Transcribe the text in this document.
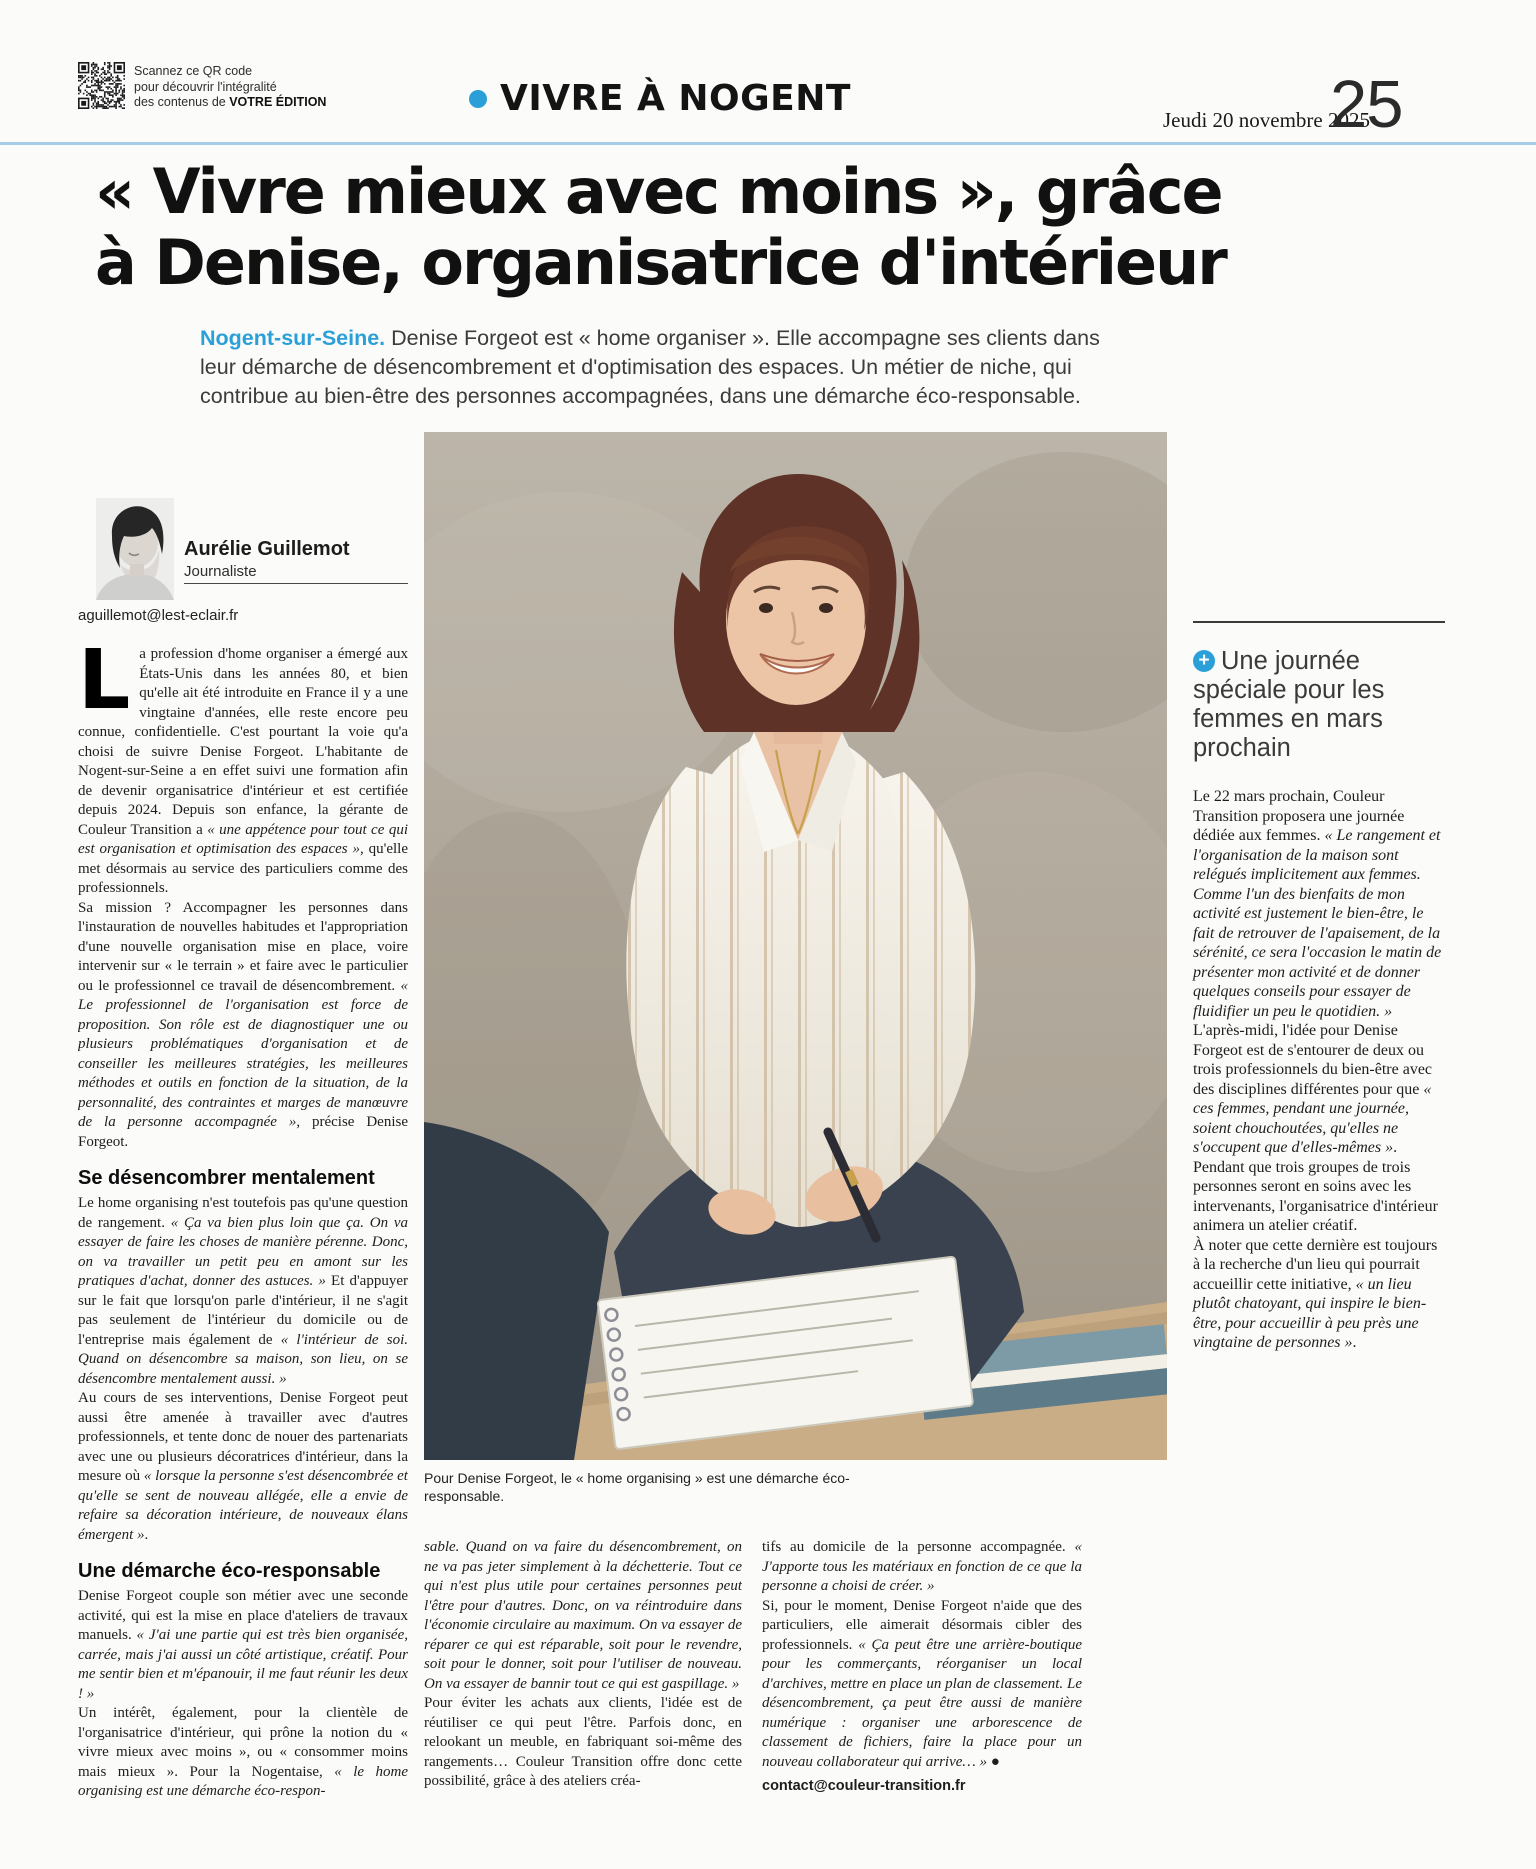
Scannez ce QR code
pour découvrir l'intégralité
des contenus de VOTRE ÉDITION	VIVRE À NOGENT
Jeudi 20 novembre 2025
25
« Vivre mieux avec moins », grâce
à Denise, organisatrice d'intérieur

Nogent-sur-Seine. Denise Forgeot est « home organiser ». Elle accompagne ses clients dans leur démarche de désencombrement et d'optimisation des espaces. Un métier de niche, qui contribue au bien-être des personnes accompagnées, dans une démarche éco-responsable.

Aurélie Guillemot
Journaliste
aguillemot@lest-eclair.fr
Pour Denise Forgeot, le « home organising » est une démarche éco-responsable.

La profession d'home organiser a émergé aux États-Unis dans les années 80, et bien qu'elle ait été introduite en France il y a une vingtaine d'années, elle reste encore peu connue, confidentielle. C'est pourtant la voie qu'a choisi de suivre Denise Forgeot. L'habitante de Nogent-sur-Seine a en effet suivi une formation afin de devenir organisatrice d'intérieur et est certifiée depuis 2024. Depuis son enfance, la gérante de Couleur Transition a « une appétence pour tout ce qui est organisation et optimisation des espaces », qu'elle met désormais au service des particuliers comme des professionnels.

Sa mission ? Accompagner les personnes dans l'instauration de nouvelles habitudes et l'appropriation d'une nouvelle organisation mise en place, voire intervenir sur « le terrain » et faire avec le particulier ou le professionnel ce travail de désencombrement. « Le professionnel de l'organisation est force de proposition. Son rôle est de diagnostiquer une ou plusieurs problématiques d'organisation et de conseiller les meilleures stratégies, les meilleures méthodes et outils en fonction de la situation, de la personnalité, des contraintes et marges de manœuvre de la personne accompagnée », précise Denise Forgeot.

Se désencombrer mentalement

Le home organising n'est toutefois pas qu'une question de rangement. « Ça va bien plus loin que ça. On va essayer de faire les choses de manière pérenne. Donc, on va travailler un petit peu en amont sur les pratiques d'achat, donner des astuces. » Et d'appuyer sur le fait que lorsqu'on parle d'intérieur, il ne s'agit pas seulement de l'intérieur du domicile ou de l'entreprise mais également de « l'intérieur de soi. Quand on désencombre sa maison, son lieu, on se désencombre mentalement aussi. »

Au cours de ses interventions, Denise Forgeot peut aussi être amenée à travailler avec d'autres professionnels, et tente donc de nouer des partenariats avec une ou plusieurs décoratrices d'intérieur, dans la mesure où « lorsque la personne s'est désencombrée et qu'elle se sent de nouveau allégée, elle a envie de refaire sa décoration intérieure, de nouveaux élans émergent ».

Une démarche éco-responsable

Denise Forgeot couple son métier avec une seconde activité, qui est la mise en place d'ateliers de travaux manuels. « J'ai une partie qui est très bien organisée, carrée, mais j'ai aussi un côté artistique, créatif. Pour me sentir bien et m'épanouir, il me faut réunir les deux ! »

Un intérêt, également, pour la clientèle de l'organisatrice d'intérieur, qui prône la notion du « vivre mieux avec moins », ou « consommer moins mais mieux ». Pour la Nogentaise, « le home organising est une démarche éco-respon-

sable. Quand on va faire du désencombrement, on ne va pas jeter simplement à la déchetterie. Tout ce qui n'est plus utile pour certaines personnes peut l'être pour d'autres. Donc, on va réintroduire dans l'économie circulaire au maximum. On va essayer de réparer ce qui est réparable, soit pour le revendre, soit pour le donner, soit pour l'utiliser de nouveau. On va essayer de bannir tout ce qui est gaspillage. »

Pour éviter les achats aux clients, l'idée est de réutiliser ce qui peut l'être. Parfois donc, en relookant un meuble, en fabriquant soi-même des rangements… Couleur Transition offre donc cette possibilité, grâce à des ateliers créa-

tifs au domicile de la personne accompagnée. « J'apporte tous les matériaux en fonction de ce que la personne a choisi de créer. »

Si, pour le moment, Denise Forgeot n'aide que des particuliers, elle aimerait désormais cibler des professionnels. « Ça peut être une arrière-boutique pour les commerçants, réorganiser un local d'archives, mettre en place un plan de classement. Le désencombrement, ça peut être aussi de manière numérique : organiser une arborescence de classement de fichiers, faire la place pour un nouveau collaborateur qui arrive… » ●

contact@couleur-transition.fr

+ Une journée spéciale pour les femmes en mars prochain

Le 22 mars prochain, Couleur Transition proposera une journée dédiée aux femmes. « Le rangement et l'organisation de la maison sont relégués implicitement aux femmes. Comme l'un des bienfaits de mon activité est justement le bien-être, le fait de retrouver de l'apaisement, de la sérénité, ce sera l'occasion le matin de présenter mon activité et de donner quelques conseils pour essayer de fluidifier un peu le quotidien. »

L'après-midi, l'idée pour Denise Forgeot est de s'entourer de deux ou trois professionnels du bien-être avec des disciplines différentes pour que « ces femmes, pendant une journée, soient chouchoutées, qu'elles ne s'occupent que d'elles-mêmes ».

Pendant que trois groupes de trois personnes seront en soins avec les intervenants, l'organisatrice d'intérieur animera un atelier créatif.

À noter que cette dernière est toujours à la recherche d'un lieu qui pourrait accueillir cette initiative, « un lieu plutôt chatoyant, qui inspire le bien-être, pour accueillir à peu près une vingtaine de personnes ».
